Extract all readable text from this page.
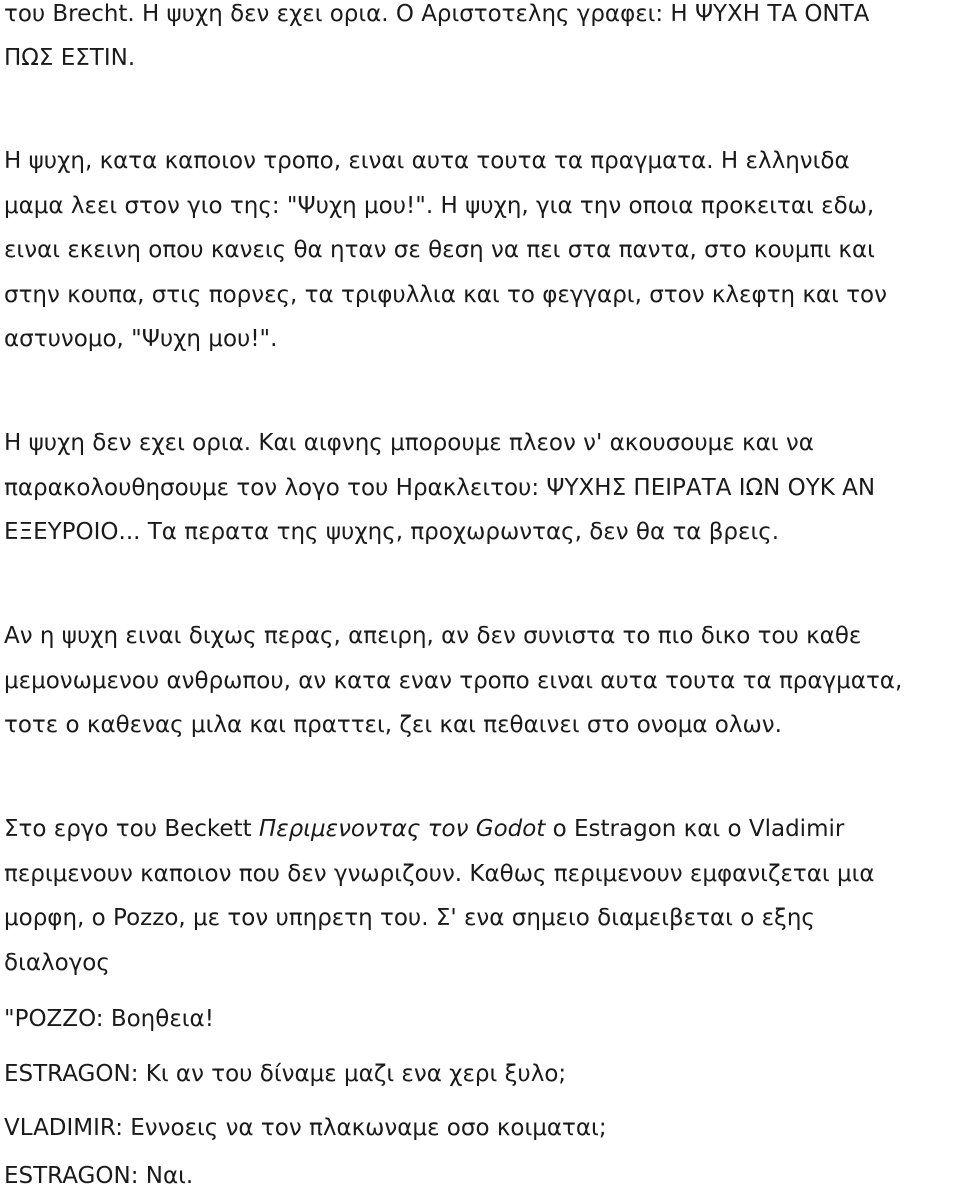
του Brecht. Η ψυχη δεν εχει ορια. Ο Αριστοτελης γραφει: Η ΨΥΧΗ ΤΑ ΟΝΤΑ
ΠΩΣ ΕΣΤΙΝ.
Η ψυχη, κατα καποιον τροπο, ειναι αυτα τουτα τα πραγματα. Η ελληνιδα
μαμα λεει στον γιο της: "Ψυχη μου!". Η ψυχη, για την οποια προκειται εδω,
ειναι εκεινη οπου κανεις θα ηταν σε θεση να πει στα παντα, στο κουμπι και
στην κουπα, στις πορνες, τα τριφυλλια και το φεγγαρι, στον κλεφτη και τον
αστυνομο, "Ψυχη μου!".
Η ψυχη δεν εχει ορια. Και αιφνης μπορουμε πλεον ν' ακουσουμε και να
παρακολουθησουμε τον λογο του Ηρακλειτου: ΨΥΧΗΣ ΠΕΙΡΑΤΑ ΙΩΝ ΟΥΚ ΑΝ
ΕΞΕΥΡΟΙΟ... Τα περατα της ψυχης, προχωρωντας, δεν θα τα βρεις.
Αν η ψυχη ειναι διχως περας, απειρη, αν δεν συνιστα το πιο δικο του καθε
μεμονωμενου ανθρωπου, αν κατα εναν τροπο ειναι αυτα τουτα τα πραγματα,
τοτε ο καθενας μιλα και πραττει, ζει και πεθαινει στο ονομα ολων.
Στο εργο του Beckett Περιμενοντας τον Godot ο Estragon και ο Vladimir
περιμενουν καποιον που δεν γνωριζουν. Καθως περιμενουν εμφανιζεται μια
μορφη, ο Pozzo, με τον υπηρετη του. Σ' ενα σημειο διαμειβεται ο εξης
διαλογος
"POZZO: Βοηθεια!
ESTRAGON: Κι αν του δίναμε μαζι ενα χερι ξυλο;
VLADIMIR: Εννοεις να τον πλακωναμε οσο κοιμαται;
ESTRAGON: Ναι.
